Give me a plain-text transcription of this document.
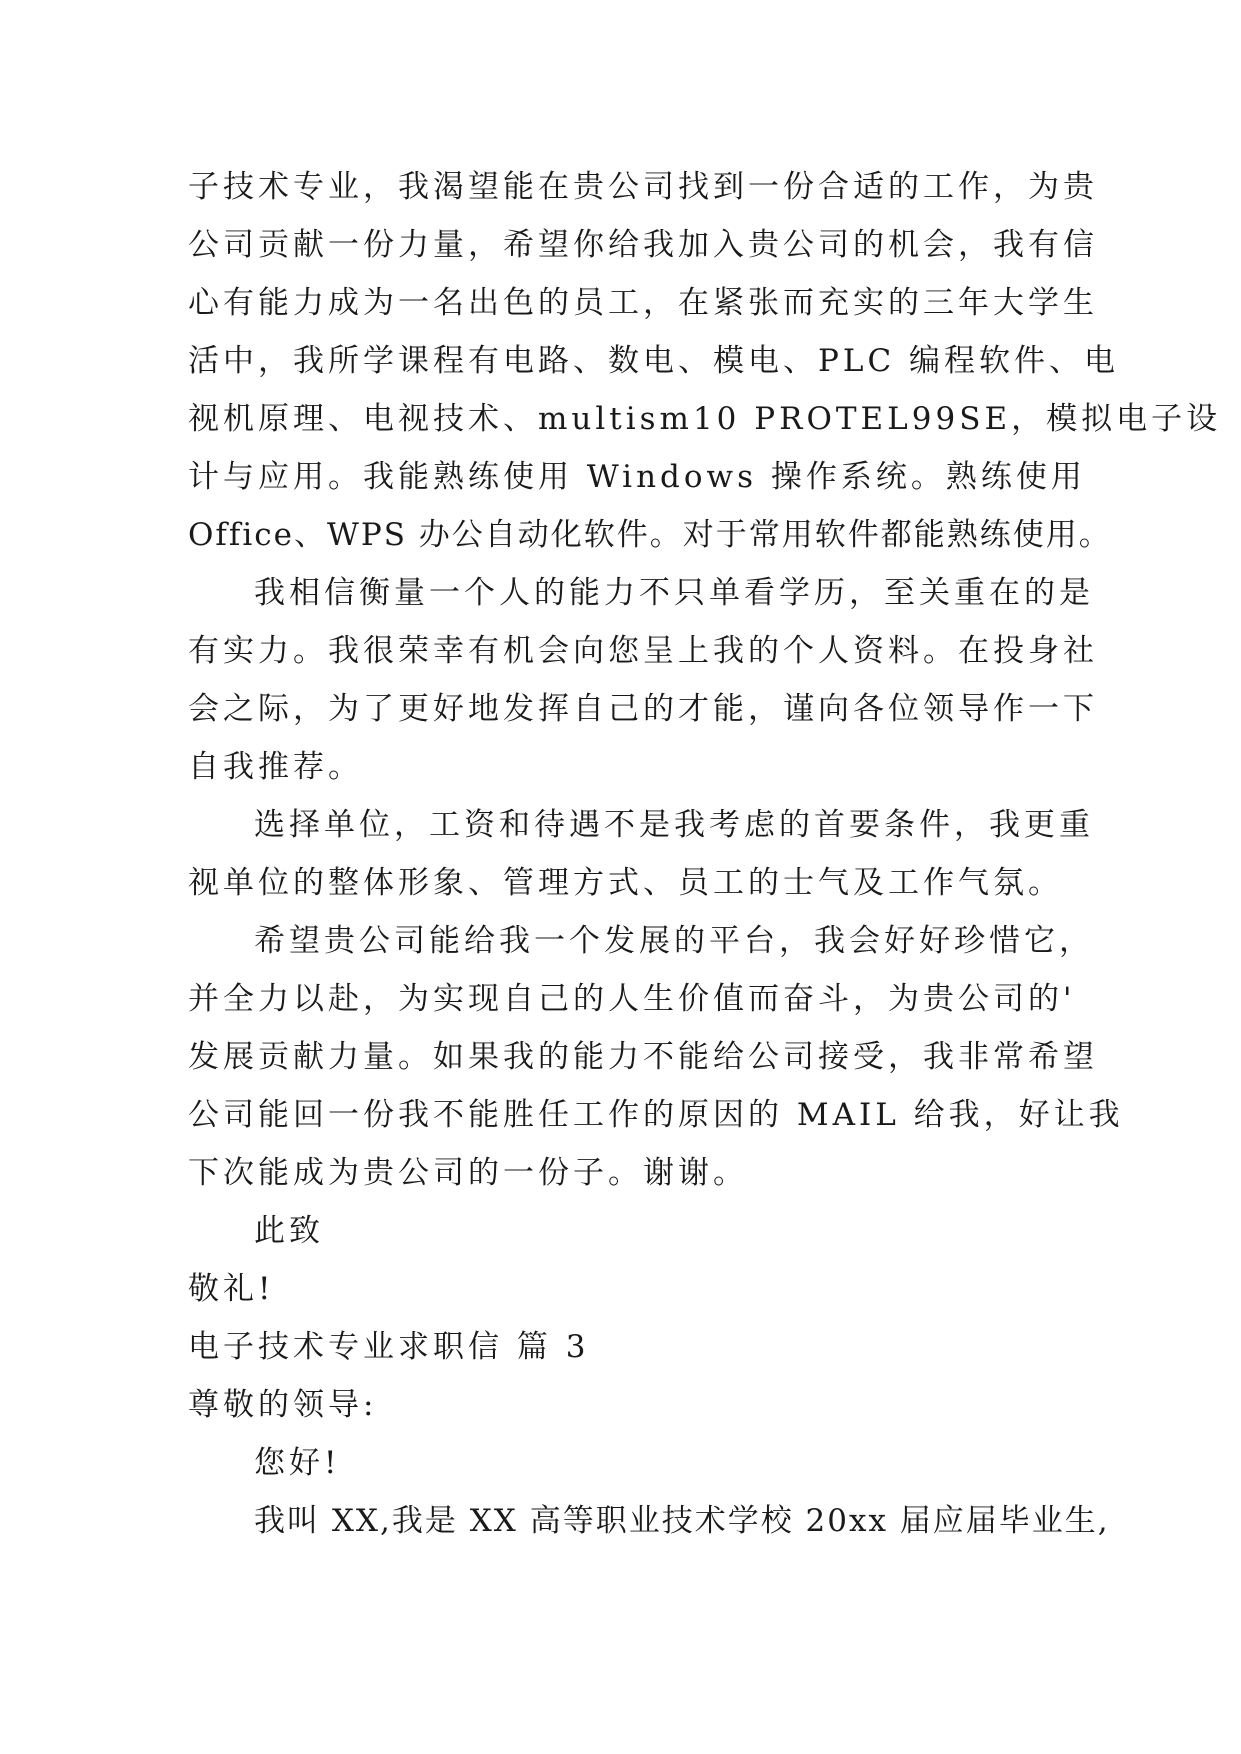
子技术专业，我渴望能在贵公司找到一份合适的工作，为贵
公司贡献一份力量，希望你给我加入贵公司的机会，我有信
心有能力成为一名出色的员工，在紧张而充实的三年大学生
活中，我所学课程有电路、数电、模电、PLC 编程软件、电
视机原理、电视技术、multism10 PROTEL99SE，模拟电子设
计与应用。我能熟练使用 Windows 操作系统。熟练使用
Office、WPS 办公自动化软件。对于常用软件都能熟练使用。
我相信衡量一个人的能力不只单看学历，至关重在的是
有实力。我很荣幸有机会向您呈上我的个人资料。在投身社
会之际，为了更好地发挥自己的才能，谨向各位领导作一下
自我推荐。
选择单位，工资和待遇不是我考虑的首要条件，我更重
视单位的整体形象、管理方式、员工的士气及工作气氛。
希望贵公司能给我一个发展的平台，我会好好珍惜它，
并全力以赴，为实现自己的人生价值而奋斗，为贵公司的'
发展贡献力量。如果我的能力不能给公司接受，我非常希望
公司能回一份我不能胜任工作的原因的 MAIL 给我，好让我
下次能成为贵公司的一份子。谢谢。
此致
敬礼!
电子技术专业求职信 篇 3
尊敬的领导:
您好!
我叫 XX,我是 XX 高等职业技术学校 20xx 届应届毕业生,
